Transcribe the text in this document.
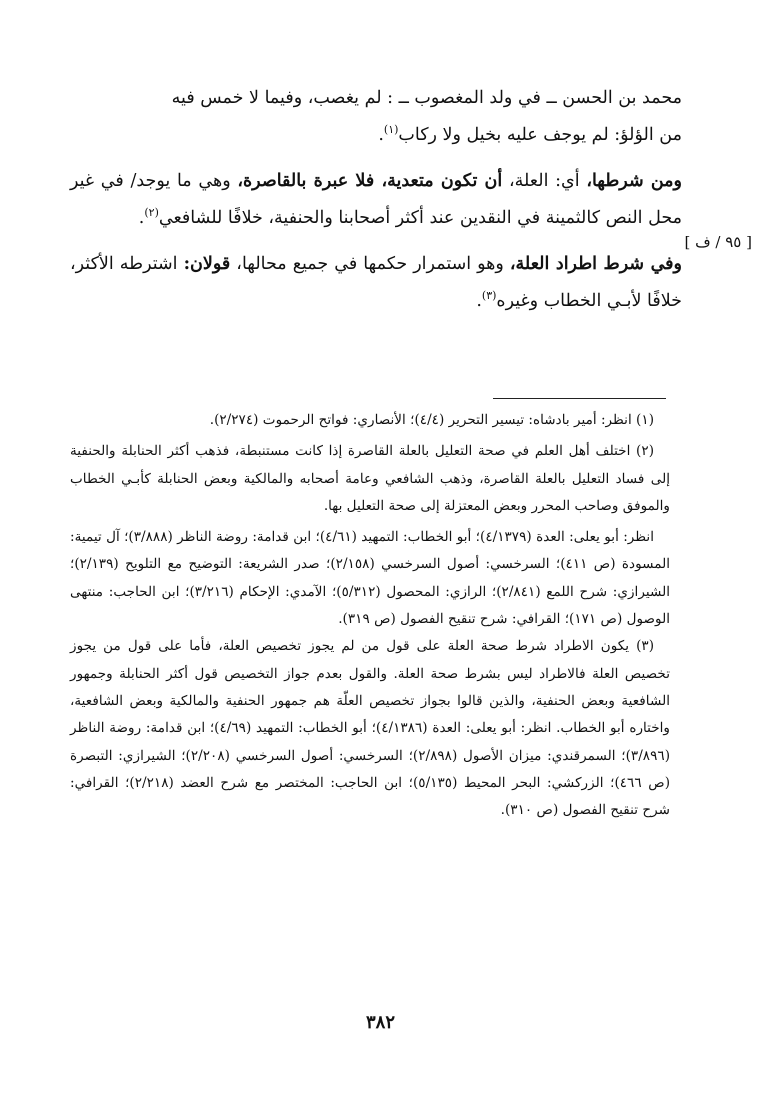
محمد بن الحسن ــ في ولد المغصوب ــ : لم يغصب، وفيما لا خمس فيه
من الؤلؤ: لم يوجف عليه بخيل ولا ركاب$^{(١)}$.

ومن شرطها، أي: العلة، أن تكون متعدية، فلا عبرة بالقاصرة، وهي ما يوجد/ في غير محل النص كالثمينة في النقدين عند أكثر أصحابنا والحنفية، خلافًا للشافعي$^{(٢)}$.

وفي شرط اطراد العلة، وهو استمرار حكمها في جميع محالها، قولان: اشترطه الأكثر، خلافًا لأبـي الخطاب وغيره$^{(٣)}$.

[ ٩٥ / ف ]

(١) انظر: أمير بادشاه: تيسير التحرير (٤/٤)؛ الأنصاري: فواتح الرحموت (٢/٢٧٤).

(٢) اختلف أهل العلم في صحة التعليل بالعلة القاصرة إذا كانت مستنبطة، فذهب أكثر الحنابلة والحنفية إلى فساد التعليل بالعلة القاصرة، وذهب الشافعي وعامة أصحابه والمالكية وبعض الحنابلة كأبـي الخطاب والموفق وصاحب المحرر وبعض المعتزلة إلى صحة التعليل بها.

انظر: أبو يعلى: العدة (٤/١٣٧٩)؛ أبو الخطاب: التمهيد (٤/٦١)؛ ابن قدامة: روضة الناظر (٣/٨٨٨)؛ آل تيمية: المسودة (ص ٤١١)؛ السرخسي: أصول السرخسي (٢/١٥٨)؛ صدر الشريعة: التوضيح مع التلويح (٢/١٣٩)؛ الشيرازي: شرح اللمع (٢/٨٤١)؛ الرازي: المحصول (٥/٣١٢)؛ الآمدي: الإحكام (٣/٢١٦)؛ ابن الحاجب: منتهى الوصول (ص ١٧١)؛ القرافي: شرح تنقيح الفصول (ص ٣١٩).

(٣) يكون الاطراد شرط صحة العلة على قول من لم يجوز تخصيص العلة، فأما على قول من يجوز تخصيص العلة فالاطراد ليس بشرط صحة العلة. والقول بعدم جواز التخصيص قول أكثر الحنابلة وجمهور الشافعية وبعض الحنفية، والذين قالوا بجواز تخصيص العلّة هم جمهور الحنفية والمالكية وبعض الشافعية، واختاره أبو الخطاب. انظر: أبو يعلى: العدة (٤/١٣٨٦)؛ أبو الخطاب: التمهيد (٤/٦٩)؛ ابن قدامة: روضة الناظر (٣/٨٩٦)؛ السمرقندي: ميزان الأصول (٢/٨٩٨)؛ السرخسي: أصول السرخسي (٢/٢٠٨)؛ الشيرازي: التبصرة (ص ٤٦٦)؛ الزركشي: البحر المحيط (٥/١٣٥)؛ ابن الحاجب: المختصر مع شرح العضد (٢/٢١٨)؛ القرافي: شرح تنقيح الفصول (ص ٣١٠).

٣٨٢
